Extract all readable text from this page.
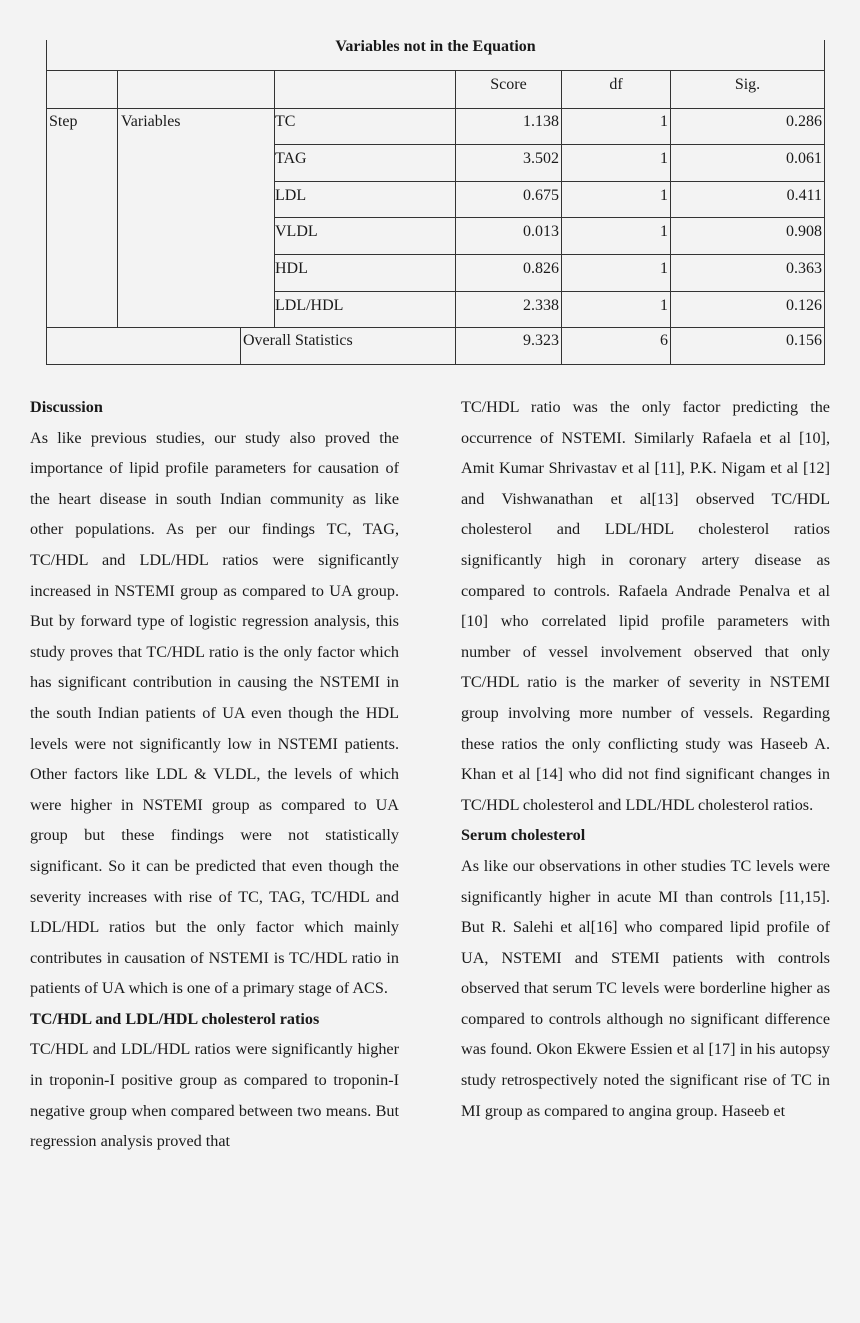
Variables not in the Equation
Score	df	Sig.
Step	Variables	TC	1.138	1	0.286
TAG	3.502	1	0.061
LDL	0.675	1	0.411
VLDL	0.013	1	0.908
HDL	0.826	1	0.363
LDL/HDL	2.338	1	0.126
Overall Statistics	9.323	6	0.156
Discussion

As like previous studies, our study also proved the importance of lipid profile parameters for causation of the heart disease in south Indian community as like other populations. As per our findings TC, TAG, TC/HDL and LDL/HDL ratios were significantly increased in NSTEMI group as compared to UA group. But by forward type of logistic regression analysis, this study proves that TC/HDL ratio is the only factor which has significant contribution in causing the NSTEMI in the south Indian patients of UA even though the HDL levels were not significantly low in NSTEMI patients. Other factors like LDL & VLDL, the levels of which were higher in NSTEMI group as compared to UA group but these findings were not statistically significant. So it can be predicted that even though the severity increases with rise of TC, TAG, TC/HDL and LDL/HDL ratios but the only factor which mainly contributes in causation of NSTEMI is TC/HDL ratio in patients of UA which is one of a primary stage of ACS.

TC/HDL and LDL/HDL cholesterol ratios

TC/HDL and LDL/HDL ratios were significantly higher in troponin-I positive group as compared to troponin-I negative group when compared between two means. But regression analysis proved that

TC/HDL ratio was the only factor predicting the occurrence of NSTEMI. Similarly Rafaela et al [10], Amit Kumar Shrivastav et al [11], P.K. Nigam et al [12] and Vishwanathan et al[13] observed TC/HDL cholesterol and LDL/HDL cholesterol ratios significantly high in coronary artery disease as compared to controls. Rafaela Andrade Penalva et al [10] who correlated lipid profile parameters with number of vessel involvement observed that only TC/HDL ratio is the marker of severity in NSTEMI group involving more number of vessels. Regarding these ratios the only conflicting study was Haseeb A. Khan et al [14] who did not find significant changes in TC/HDL cholesterol and LDL/HDL cholesterol ratios.

Serum cholesterol

As like our observations in other studies TC levels were significantly higher in acute MI than controls [11,15]. But R. Salehi et al[16] who compared lipid profile of UA, NSTEMI and STEMI patients with controls observed that serum TC levels were borderline higher as compared to controls although no significant difference was found. Okon Ekwere Essien et al [17] in his autopsy study retrospectively noted the significant rise of TC in MI group as compared to angina group. Haseeb et
